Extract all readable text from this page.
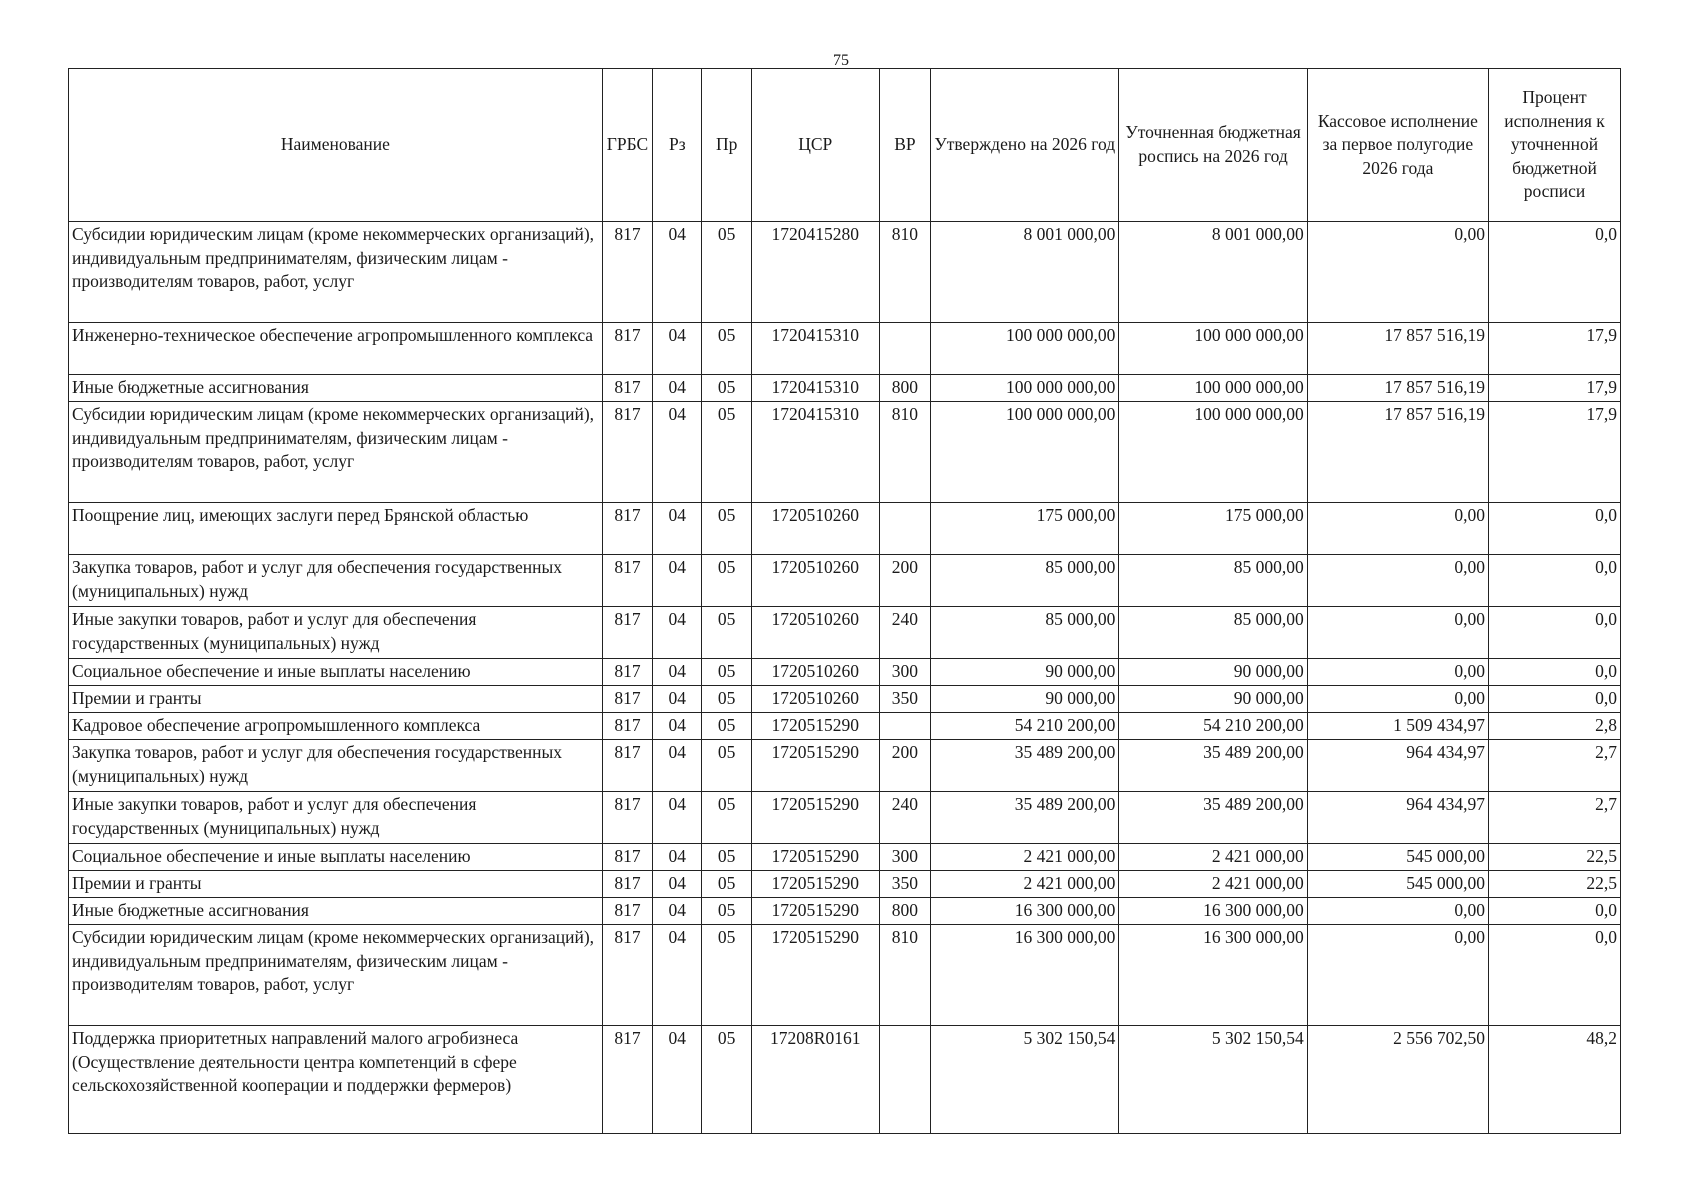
75
Наименование	ГРБС	Рз	Пр	ЦСР	ВР	Утверждено на 2026 год	Уточненная бюджетная роспись на 2026 год	Кассовое исполнение за первое полугодие 2026 года	Процент исполнения к уточненной бюджетной росписи
Субсидии юридическим лицам (кроме некоммерческих организаций), индивидуальным предпринимателям, физическим лицам - производителям товаров, работ, услуг	817	04	05	1720415280	810	8 001 000,00	8 001 000,00	0,00	0,0
Инженерно-техническое обеспечение агропромышленного комплекса	817	04	05	1720415310		100 000 000,00	100 000 000,00	17 857 516,19	17,9
Иные бюджетные ассигнования	817	04	05	1720415310	800	100 000 000,00	100 000 000,00	17 857 516,19	17,9
Субсидии юридическим лицам (кроме некоммерческих организаций), индивидуальным предпринимателям, физическим лицам - производителям товаров, работ, услуг	817	04	05	1720415310	810	100 000 000,00	100 000 000,00	17 857 516,19	17,9
Поощрение лиц, имеющих заслуги перед Брянской областью	817	04	05	1720510260		175 000,00	175 000,00	0,00	0,0
Закупка товаров, работ и услуг для обеспечения государственных (муниципальных) нужд	817	04	05	1720510260	200	85 000,00	85 000,00	0,00	0,0
Иные закупки товаров, работ и услуг для обеспечения государственных (муниципальных) нужд	817	04	05	1720510260	240	85 000,00	85 000,00	0,00	0,0
Социальное обеспечение и иные выплаты населению	817	04	05	1720510260	300	90 000,00	90 000,00	0,00	0,0
Премии и гранты	817	04	05	1720510260	350	90 000,00	90 000,00	0,00	0,0
Кадровое обеспечение агропромышленного комплекса	817	04	05	1720515290		54 210 200,00	54 210 200,00	1 509 434,97	2,8
Закупка товаров, работ и услуг для обеспечения государственных (муниципальных) нужд	817	04	05	1720515290	200	35 489 200,00	35 489 200,00	964 434,97	2,7
Иные закупки товаров, работ и услуг для обеспечения государственных (муниципальных) нужд	817	04	05	1720515290	240	35 489 200,00	35 489 200,00	964 434,97	2,7
Социальное обеспечение и иные выплаты населению	817	04	05	1720515290	300	2 421 000,00	2 421 000,00	545 000,00	22,5
Премии и гранты	817	04	05	1720515290	350	2 421 000,00	2 421 000,00	545 000,00	22,5
Иные бюджетные ассигнования	817	04	05	1720515290	800	16 300 000,00	16 300 000,00	0,00	0,0
Субсидии юридическим лицам (кроме некоммерческих организаций), индивидуальным предпринимателям, физическим лицам - производителям товаров, работ, услуг	817	04	05	1720515290	810	16 300 000,00	16 300 000,00	0,00	0,0
Поддержка приоритетных направлений малого агробизнеса (Осуществление деятельности центра компетенций в сфере сельскохозяйственной кооперации и поддержки фермеров)	817	04	05	17208R0161		5 302 150,54	5 302 150,54	2 556 702,50	48,2
